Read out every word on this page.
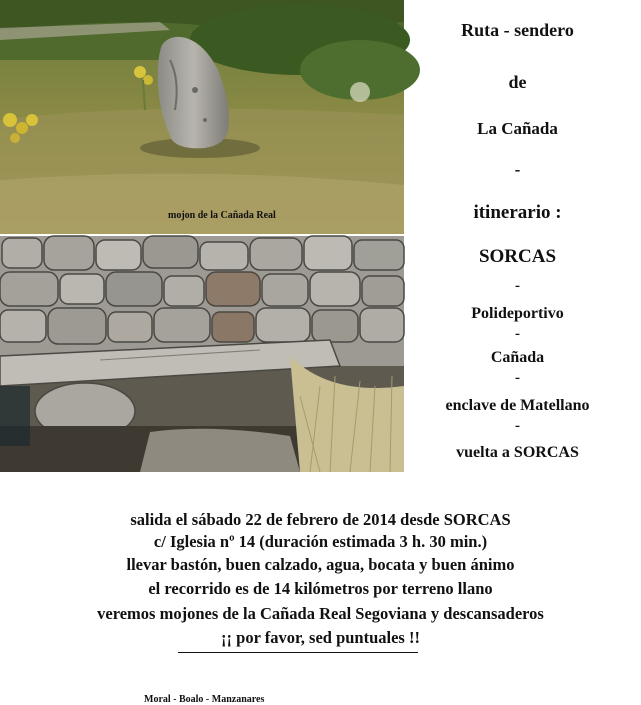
mojon de la Cañada Real
Moral - Boalo - Manzanares
Ruta - sendero
de
La Cañada
-
itinerario :
SORCAS
-
Polideportivo
-
Cañada
-
enclave de Matellano
-
vuelta a SORCAS
salida el sábado 22 de febrero de 2014 desde SORCAS
c/ Iglesia nº 14 (duración estimada 3 h. 30 min.)
llevar bastón, buen calzado, agua, bocata y buen ánimo
el recorrido es de 14 kilómetros por terreno llano
veremos mojones de la Cañada Real Segoviana y descansaderos
¡¡ por favor, sed puntuales !!
